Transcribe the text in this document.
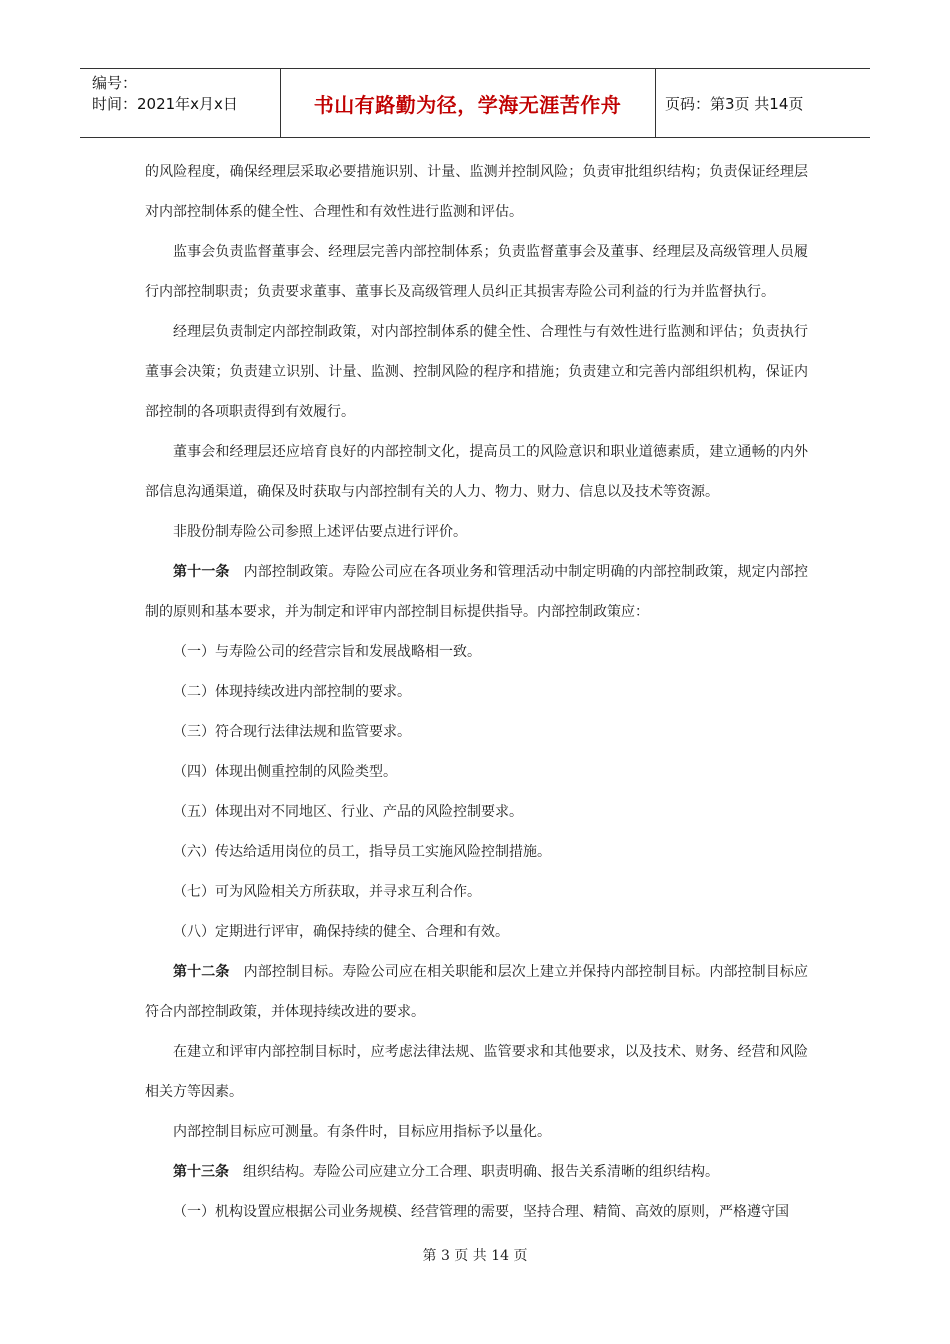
编号：
时间：2021年x月x日	书山有路勤为径，学海无涯苦作舟	页码：第3页 共14页

的风险程度，确保经理层采取必要措施识别、计量、监测并控制风险；负责审批组织结构；负责保证经理层对内部控制体系的健全性、合理性和有效性进行监测和评估。

监事会负责监督董事会、经理层完善内部控制体系；负责监督董事会及董事、经理层及高级管理人员履行内部控制职责；负责要求董事、董事长及高级管理人员纠正其损害寿险公司利益的行为并监督执行。

经理层负责制定内部控制政策，对内部控制体系的健全性、合理性与有效性进行监测和评估；负责执行董事会决策；负责建立识别、计量、监测、控制风险的程序和措施；负责建立和完善内部组织机构，保证内部控制的各项职责得到有效履行。

董事会和经理层还应培育良好的内部控制文化，提高员工的风险意识和职业道德素质，建立通畅的内外部信息沟通渠道，确保及时获取与内部控制有关的人力、物力、财力、信息以及技术等资源。

非股份制寿险公司参照上述评估要点进行评价。

第十一条　内部控制政策。寿险公司应在各项业务和管理活动中制定明确的内部控制政策，规定内部控制的原则和基本要求，并为制定和评审内部控制目标提供指导。内部控制政策应：

（一）与寿险公司的经营宗旨和发展战略相一致。

（二）体现持续改进内部控制的要求。

（三）符合现行法律法规和监管要求。

（四）体现出侧重控制的风险类型。

（五）体现出对不同地区、行业、产品的风险控制要求。

（六）传达给适用岗位的员工，指导员工实施风险控制措施。

（七）可为风险相关方所获取，并寻求互利合作。

（八）定期进行评审，确保持续的健全、合理和有效。

第十二条　内部控制目标。寿险公司应在相关职能和层次上建立并保持内部控制目标。内部控制目标应符合内部控制政策，并体现持续改进的要求。

在建立和评审内部控制目标时，应考虑法律法规、监管要求和其他要求，以及技术、财务、经营和风险相关方等因素。

内部控制目标应可测量。有条件时，目标应用指标予以量化。

第十三条　组织结构。寿险公司应建立分工合理、职责明确、报告关系清晰的组织结构。

（一）机构设置应根据公司业务规模、经营管理的需要，坚持合理、精简、高效的原则，严格遵守国

第 3 页 共 14 页
